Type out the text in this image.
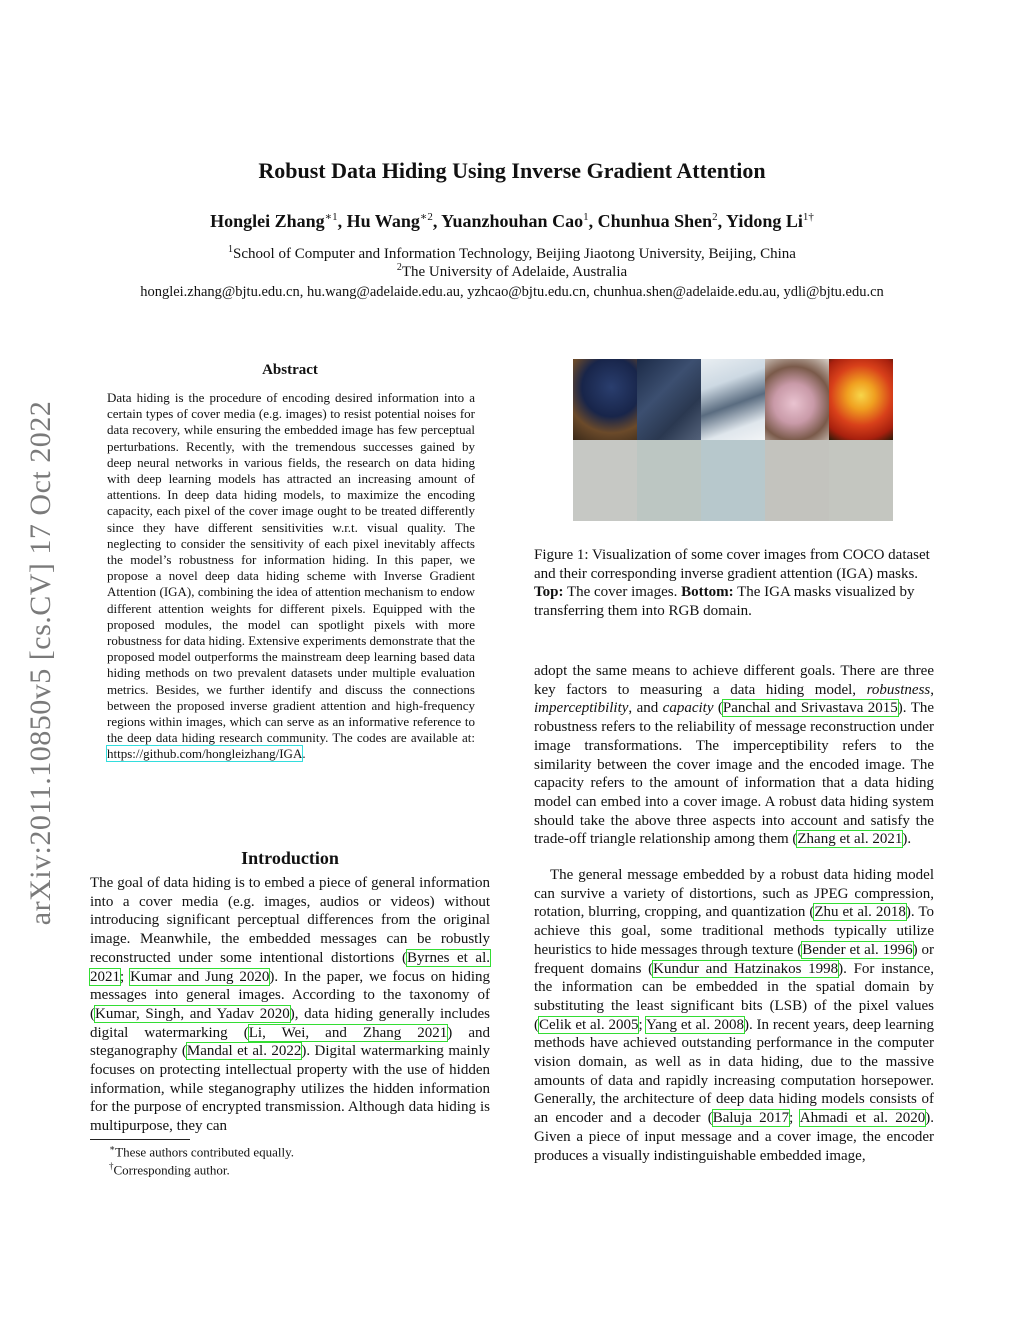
arXiv:2011.10850v5 [cs.CV] 17 Oct 2022
Robust Data Hiding Using Inverse Gradient Attention
Honglei Zhang$^{∗1}$, Hu Wang$^{∗2}$, Yuanzhouhan Cao$^1$, Chunhua Shen$^2$, Yidong $Li^{1\dagger}$
$^1$School of Computer and Information Technology, Beijing Jiaotong University, Beijing, China
$^2$The University of Adelaide, Australia
honglei.zhang@bjtu.edu.cn, hu.wang@adelaide.edu.au, yzhcao@bjtu.edu.cn, chunhua.shen@adelaide.edu.au, ydli@bjtu.edu.cn
Abstract
Data hiding is the procedure of encoding desired information into a certain types of cover media (e.g. images) to resist potential noises for data recovery, while ensuring the embedded image has few perceptual perturbations. Recently, with the tremendous successes gained by deep neural networks in various fields, the research on data hiding with deep learning models has attracted an increasing amount of attentions. In deep data hiding models, to maximize the encoding capacity, each pixel of the cover image ought to be treated differently since they have different sensitivities w.r.t. visual quality. The neglecting to consider the sensitivity of each pixel inevitably affects the model’s robustness for information hiding. In this paper, we propose a novel deep data hiding scheme with Inverse Gradient Attention (IGA), combining the idea of attention mechanism to endow different attention weights for different pixels. Equipped with the proposed modules, the model can spotlight pixels with more robustness for data hiding. Extensive experiments demonstrate that the proposed model outperforms the mainstream deep learning based data hiding methods on two prevalent datasets under multiple evaluation metrics. Besides, we further identify and discuss the connections between the proposed inverse gradient attention and high-frequency regions within images, which can serve as an informative reference to the deep data hiding research community. The codes are available at: https://github.com/hongleizhang/IGA.
Introduction
The goal of data hiding is to embed a piece of general information into a cover media (e.g. images, audios or videos) without introducing significant perceptual differences from the original image. Meanwhile, the embedded messages can be robustly reconstructed under some intentional distortions (Byrnes et al. 2021; Kumar and Jung 2020). In the paper, we focus on hiding messages into general images. According to the taxonomy of (Kumar, Singh, and Yadav 2020), data hiding generally includes digital watermarking (Li, Wei, and Zhang 2021) and steganography (Mandal et al. 2022). Digital watermarking mainly focuses on protecting intellectual property with the use of hidden information, while steganography utilizes the hidden information for the purpose of encrypted transmission. Although data hiding is multipurpose, they can
∗These authors contributed equally.
†Corresponding author.
Figure 1: Visualization of some cover images from COCO dataset and their corresponding inverse gradient attention (IGA) masks. Top: The cover images. Bottom: The IGA masks visualized by transferring them into RGB domain.
adopt the same means to achieve different goals. There are three key factors to measuring a data hiding model, robustness, imperceptibility, and capacity (Panchal and Srivastava 2015). The robustness refers to the reliability of message reconstruction under image transformations. The imperceptibility refers to the similarity between the cover image and the encoded image. The capacity refers to the amount of information that a data hiding model can embed into a cover image. A robust data hiding system should take the above three aspects into account and satisfy the trade-off triangle relationship among them (Zhang et al. 2021).
The general message embedded by a robust data hiding model can survive a variety of distortions, such as JPEG compression, rotation, blurring, cropping, and quantization (Zhu et al. 2018). To achieve this goal, some traditional methods typically utilize heuristics to hide messages through texture (Bender et al. 1996) or frequent domains (Kundur and Hatzinakos 1998). For instance, the information can be embedded in the spatial domain by substituting the least significant bits (LSB) of the pixel values (Celik et al. 2005; Yang et al. 2008). In recent years, deep learning methods have achieved outstanding performance in the computer vision domain, as well as in data hiding, due to the massive amounts of data and rapidly increasing computation horsepower. Generally, the architecture of deep data hiding models consists of an encoder and a decoder (Baluja 2017; Ahmadi et al. 2020). Given a piece of input message and a cover image, the encoder produces a visually indistinguishable embedded image,
